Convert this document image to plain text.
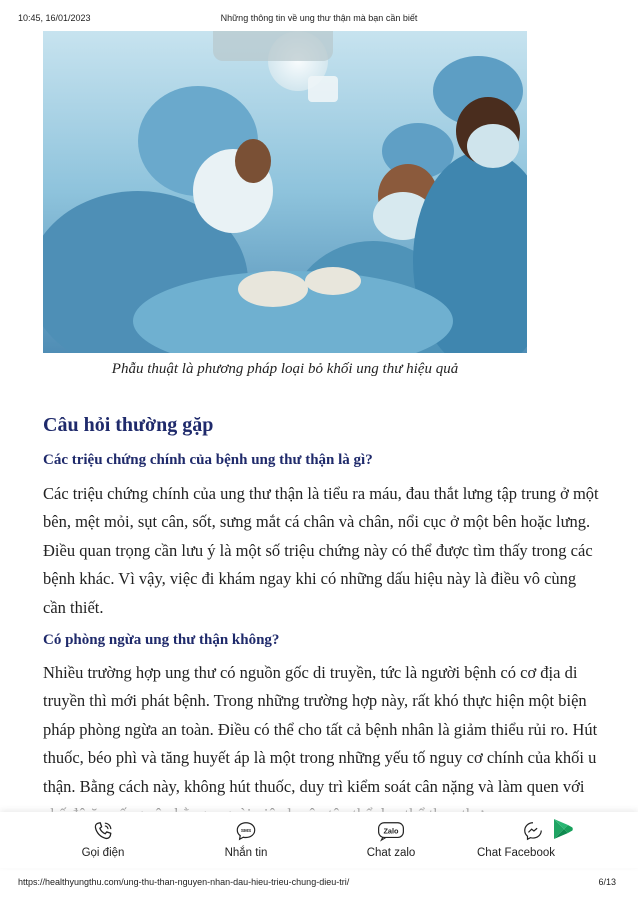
10:45, 16/01/2023	Những thông tin về ung thư thận mà bạn cần biết
Phẫu thuật là phương pháp loại bỏ khối ung thư hiệu quả
Câu hỏi thường gặp
Các triệu chứng chính của bệnh ung thư thận là gì?
Các triệu chứng chính của ung thư thận là tiểu ra máu, đau thắt lưng tập trung ở một bên, mệt mỏi, sụt cân, sốt, sưng mắt cá chân và chân, nổi cục ở một bên hoặc lưng. Điều quan trọng cần lưu ý là một số triệu chứng này có thể được tìm thấy trong các bệnh khác. Vì vậy, việc đi khám ngay khi có những dấu hiệu này là điều vô cùng cần thiết.
Có phòng ngừa ung thư thận không?
Nhiều trường hợp ung thư có nguồn gốc di truyền, tức là người bệnh có cơ địa di truyền thì mới phát bệnh. Trong những trường hợp này, rất khó thực hiện một biện pháp phòng ngừa an toàn. Điều có thể cho tất cả bệnh nhân là giảm thiểu rủi ro. Hút thuốc, béo phì và tăng huyết áp là một trong những yếu tố nguy cơ chính của khối u thận. Bằng cách này, không hút thuốc, duy trì kiểm soát cân nặng và làm quen với
Gọi điện
SMS
Nhắn tin
Zalo
Chat zalo	Chat Facebook
https://healthyungthu.com/ung-thu-than-nguyen-nhan-dau-hieu-trieu-chung-dieu-tri/	6/13
